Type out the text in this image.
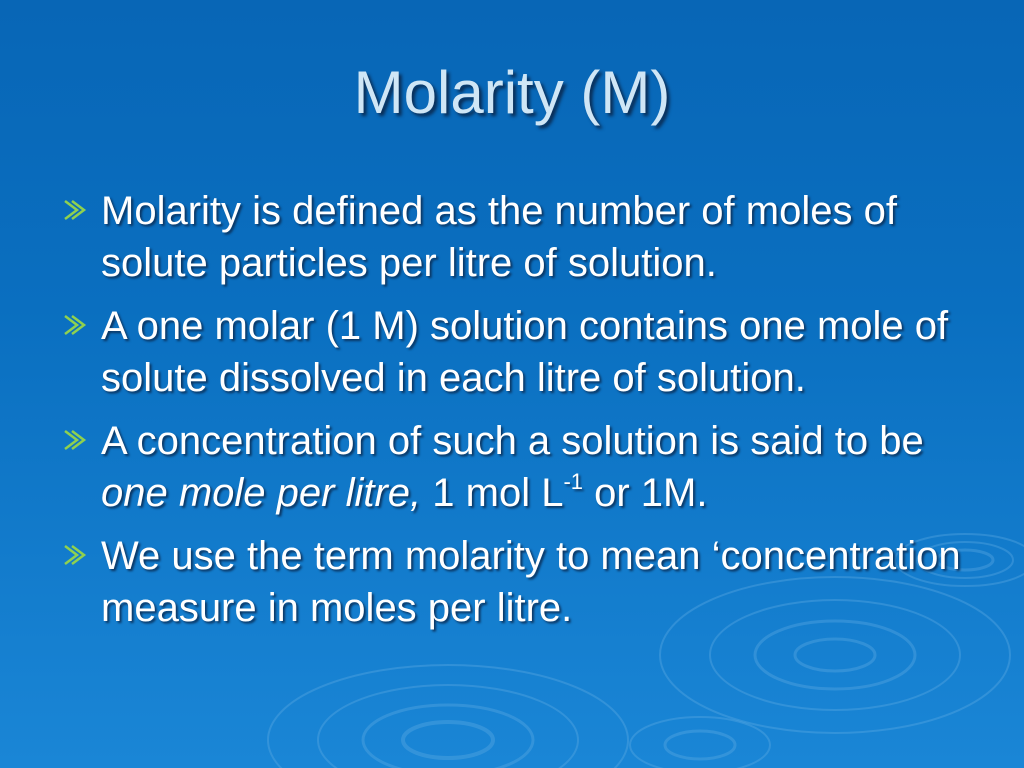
Molarity (M)
Molarity is defined as the number of moles of solute particles per litre of solution.
A one molar (1 M) solution contains one mole of solute dissolved in each litre of solution.
A concentration of such a solution is said to be one mole per litre, 1 mol $L^{-1}$ or 1M.
We use the term molarity to mean ‘concentration measure in moles per litre.
